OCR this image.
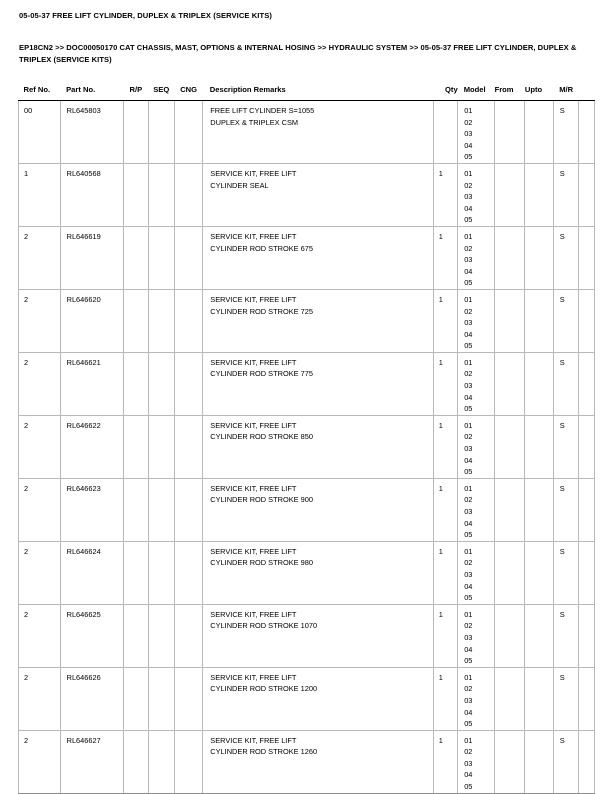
05-05-37 FREE LIFT CYLINDER, DUPLEX & TRIPLEX (SERVICE KITS)
EP18CN2 >> DOC00050170 CAT CHASSIS, MAST, OPTIONS & INTERNAL HOSING >> HYDRAULIC SYSTEM >> 05-05-37 FREE LIFT CYLINDER, DUPLEX & TRIPLEX (SERVICE KITS)
Ref No.	Part No.	R/P	SEQ	CNG	Description Remarks	Qty	Model	From	Upto	M/R	
00	RL645803				FREE LIFT CYLINDER S=1055
DUPLEX & TRIPLEX CSM		01
02
03
04
05			S	
1	RL640568				SERVICE KIT, FREE LIFT
CYLINDER SEAL	1	01
02
03
04
05			S	
2	RL646619				SERVICE KIT, FREE LIFT
CYLINDER ROD STROKE 675	1	01
02
03
04
05			S	
2	RL646620				SERVICE KIT, FREE LIFT
CYLINDER ROD STROKE 725	1	01
02
03
04
05			S	
2	RL646621				SERVICE KIT, FREE LIFT
CYLINDER ROD STROKE 775	1	01
02
03
04
05			S	
2	RL646622				SERVICE KIT, FREE LIFT
CYLINDER ROD STROKE 850	1	01
02
03
04
05			S	
2	RL646623				SERVICE KIT, FREE LIFT
CYLINDER ROD STROKE 900	1	01
02
03
04
05			S	
2	RL646624				SERVICE KIT, FREE LIFT
CYLINDER ROD STROKE 980	1	01
02
03
04
05			S	
2	RL646625				SERVICE KIT, FREE LIFT
CYLINDER ROD STROKE 1070	1	01
02
03
04
05			S	
2	RL646626				SERVICE KIT, FREE LIFT
CYLINDER ROD STROKE 1200	1	01
02
03
04
05			S	
2	RL646627				SERVICE KIT, FREE LIFT
CYLINDER ROD STROKE 1260	1	01
02
03
04
05			S	
